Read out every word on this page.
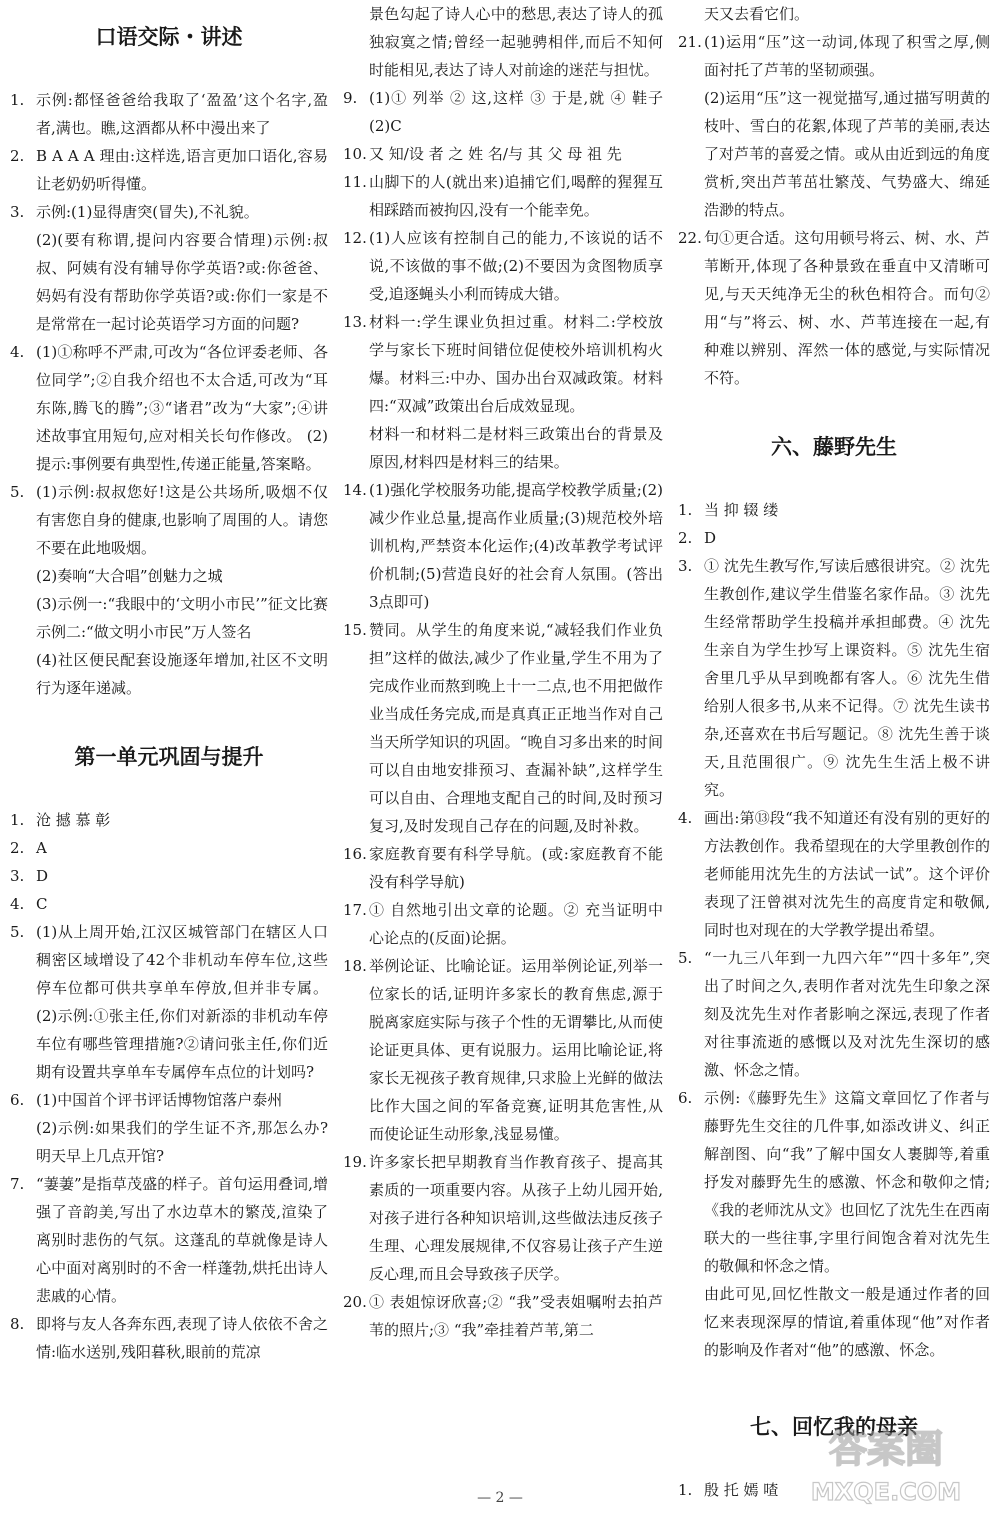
口语交际・讲述
1. 示例:都怪爸爸给我取了‘盈盈’这个名字,盈者,满也。瞧,这酒都从杯中漫出来了
2. B A A A 理由:这样选,语言更加口语化,容易让老奶奶听得懂。
3. 示例:(1)显得唐突(冒失),不礼貌。
(2)(要有称谓,提问内容要合情理)示例:叔叔、阿姨有没有辅导你学英语?或:你爸爸、妈妈有没有帮助你学英语?或:你们一家是不是常常在一起讨论英语学习方面的问题?
4. (1)①称呼不严肃,可改为“各位评委老师、各位同学”;②自我介绍也不太合适,可改为“耳东陈,腾飞的腾”;③“诸君”改为“大家”;④讲述故事宜用短句,应对相关长句作修改。 (2)提示:事例要有典型性,传递正能量,答案略。
5. (1)示例:叔叔您好!这是公共场所,吸烟不仅有害您自身的健康,也影响了周围的人。请您不要在此地吸烟。
(2)奏响“大合唱”创魅力之城
(3)示例一:“我眼中的‘文明小市民’”征文比赛 示例二:“做文明小市民”万人签名
(4)社区便民配套设施逐年增加,社区不文明行为逐年递减。
第一单元巩固与提升
1. 沧 撼 慕 彰
2. A
3. D
4. C
5. (1)从上周开始,江汉区城管部门在辖区人口稠密区域增设了42个非机动车停车位,这些停车位都可供共享单车停放,但并非专属。 (2)示例:①张主任,你们对新添的非机动车停车位有哪些管理措施?②请问张主任,你们近期有设置共享单车专属停车点位的计划吗?
6. (1)中国首个评书评话博物馆落户泰州
(2)示例:如果我们的学生证不齐,那怎么办?明天早上几点开馆?
7. “萋萋”是指草茂盛的样子。首句运用叠词,增强了音韵美,写出了水边草木的繁茂,渲染了离别时悲伤的气氛。这蓬乱的草就像是诗人心中面对离别时的不舍一样蓬勃,烘托出诗人悲戚的心情。
8. 即将与友人各奔东西,表现了诗人依依不舍之情:临水送别,残阳暮秋,眼前的荒凉
景色勾起了诗人心中的愁思,表达了诗人的孤独寂寞之情;曾经一起驰骋相伴,而后不知何时能相见,表达了诗人对前途的迷茫与担忧。
9. (1)① 列举 ② 这,这样 ③ 于是,就 ④ 鞋子 (2)C
10. 又 知/设 者 之 姓 名/与 其 父 母 祖 先
11. 山脚下的人(就出来)追捕它们,喝醉的猩猩互相踩踏而被拘囚,没有一个能幸免。
12. (1)人应该有控制自己的能力,不该说的话不说,不该做的事不做;(2)不要因为贪图物质享受,追逐蝇头小利而铸成大错。
13. 材料一:学生课业负担过重。材料二:学校放学与家长下班时间错位促使校外培训机构火爆。材料三:中办、国办出台双减政策。材料四:“双减”政策出台后成效显现。
材料一和材料二是材料三政策出台的背景及原因,材料四是材料三的结果。
14. (1)强化学校服务功能,提高学校教学质量;(2)减少作业总量,提高作业质量;(3)规范校外培训机构,严禁资本化运作;(4)改革教学考试评价机制;(5)营造良好的社会育人氛围。(答出3点即可)
15. 赞同。从学生的角度来说,“减轻我们作业负担”这样的做法,减少了作业量,学生不用为了完成作业而熬到晚上十一二点,也不用把做作业当成任务完成,而是真真正正地当作对自己当天所学知识的巩固。“晚自习多出来的时间可以自由地安排预习、查漏补缺”,这样学生可以自由、合理地支配自己的时间,及时预习复习,及时发现自己存在的问题,及时补救。
16. 家庭教育要有科学导航。(或:家庭教育不能没有科学导航)
17. ① 自然地引出文章的论题。② 充当证明中心论点的(反面)论据。
18. 举例论证、比喻论证。运用举例论证,列举一位家长的话,证明许多家长的教育焦虑,源于脱离家庭实际与孩子个性的无谓攀比,从而使论证更具体、更有说服力。运用比喻论证,将家长无视孩子教育规律,只求脸上光鲜的做法比作大国之间的军备竞赛,证明其危害性,从而使论证生动形象,浅显易懂。
19. 许多家长把早期教育当作教育孩子、提高其素质的一项重要内容。从孩子上幼儿园开始,对孩子进行各种知识培训,这些做法违反孩子生理、心理发展规律,不仅容易让孩子产生逆反心理,而且会导致孩子厌学。
20. ① 表姐惊讶欣喜;② “我”受表姐嘱咐去拍芦苇的照片;③ “我”牵挂着芦苇,第二
天又去看它们。
21. (1)运用“压”这一动词,体现了积雪之厚,侧面衬托了芦苇的坚韧顽强。
(2)运用“压”这一视觉描写,通过描写明黄的枝叶、雪白的花絮,体现了芦苇的美丽,表达了对芦苇的喜爱之情。或从由近到远的角度赏析,突出芦苇茁壮繁茂、气势盛大、绵延浩渺的特点。
22. 句①更合适。这句用顿号将云、树、水、芦苇断开,体现了各种景致在垂直中又清晰可见,与天天纯净无尘的秋色相符合。而句②用“与”将云、树、水、芦苇连接在一起,有种难以辨别、浑然一体的感觉,与实际情况不符。
六、藤野先生
1. 当 抑 辍 缕
2. D
3. ① 沈先生教写作,写读后感很讲究。② 沈先生教创作,建议学生借鉴名家作品。③ 沈先生经常帮助学生投稿并承担邮费。④ 沈先生亲自为学生抄写上课资料。⑤ 沈先生宿舍里几乎从早到晚都有客人。⑥ 沈先生借给别人很多书,从来不记得。⑦ 沈先生读书杂,还喜欢在书后写题记。⑧ 沈先生善于谈天,且范围很广。⑨ 沈先生生活上极不讲究。
4. 画出:第⑬段“我不知道还有没有别的更好的方法教创作。我希望现在的大学里教创作的老师能用沈先生的方法试一试”。这个评价表现了汪曾祺对沈先生的高度肯定和敬佩,同时也对现在的大学教学提出希望。
5. “一九三八年到一九四六年”“四十多年”,突出了时间之久,表明作者对沈先生印象之深刻及沈先生对作者影响之深远,表现了作者对往事流逝的感慨以及对沈先生深切的感激、怀念之情。
6. 示例:《藤野先生》这篇文章回忆了作者与藤野先生交往的几件事,如添改讲义、纠正解剖图、向“我”了解中国女人裹脚等,着重抒发对藤野先生的感激、怀念和敬仰之情;《我的老师沈从文》也回忆了沈先生在西南联大的一些往事,字里行间饱含着对沈先生的敬佩和怀念之情。
由此可见,回忆性散文一般是通过作者的回忆来表现深厚的情谊,着重体现“他”对作者的影响及作者对“他”的感激、怀念。
七、回忆我的母亲
1. 殷 托 嫣 喳
— 2 —
答案圈
MXQE.COM
